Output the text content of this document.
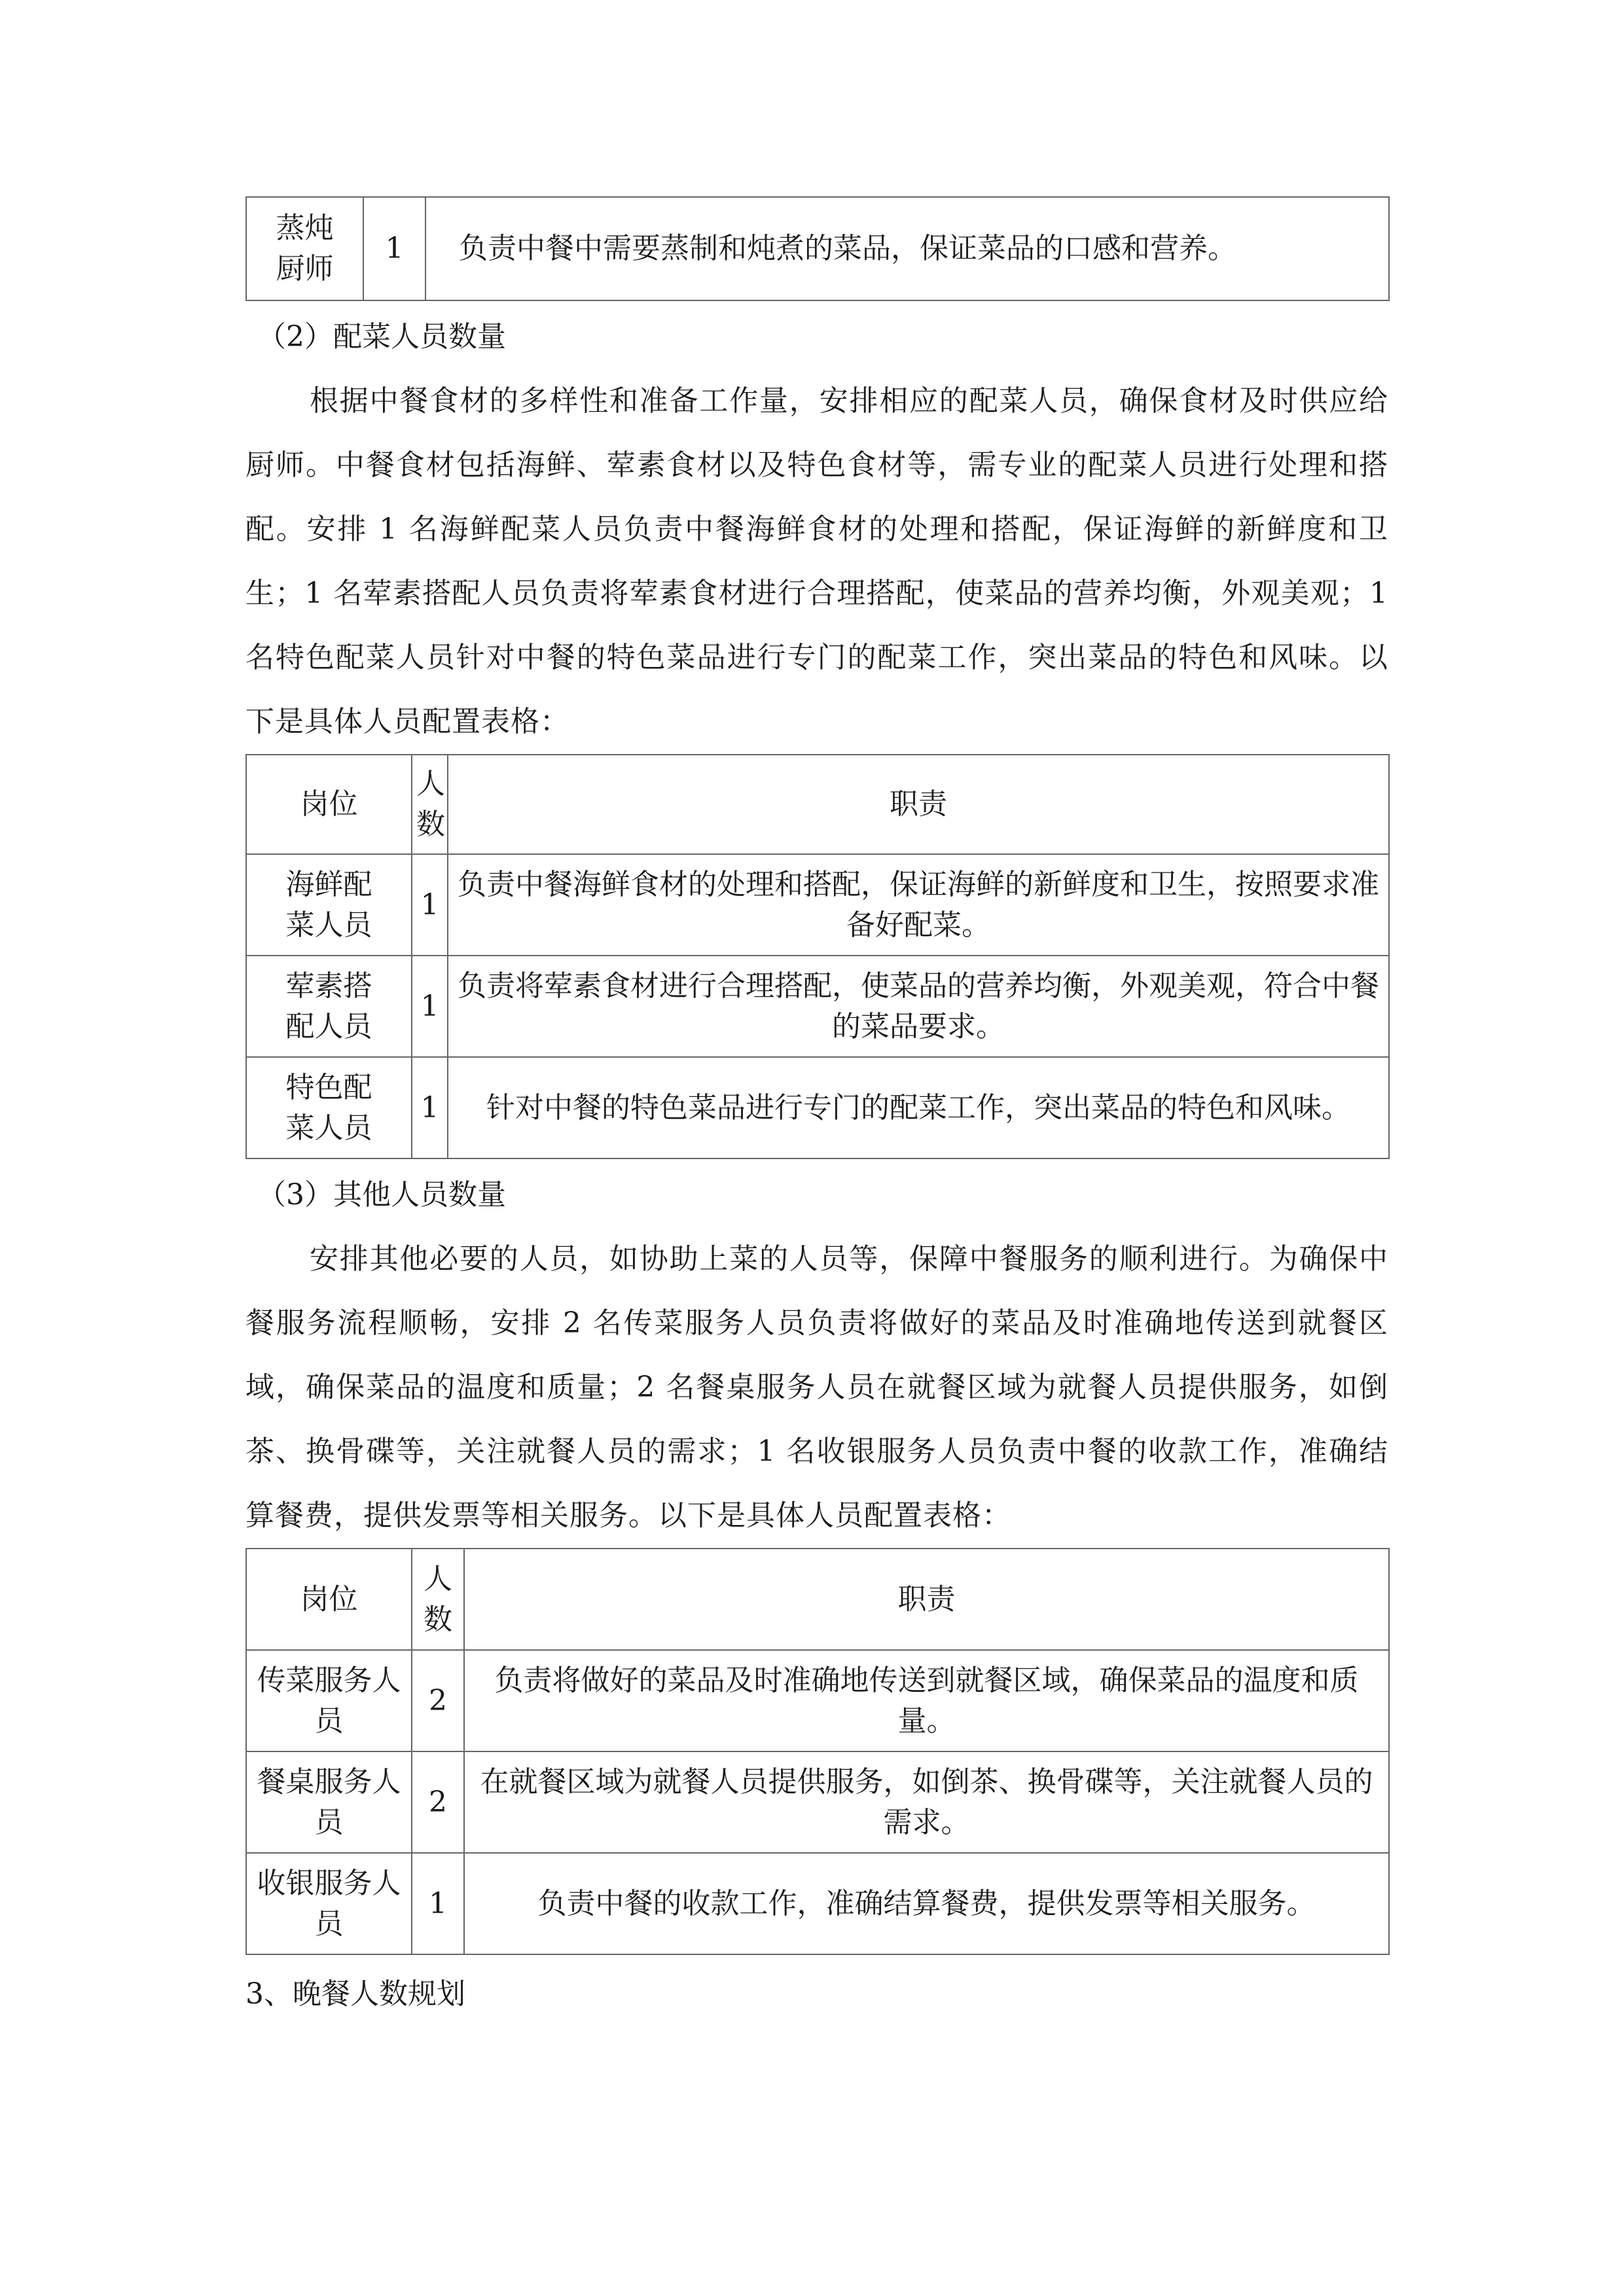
蒸炖厨师	1	负责中餐中需要蒸制和炖煮的菜品，保证菜品的口感和营养。

（2）配菜人员数量

根据中餐食材的多样性和准备工作量，安排相应的配菜人员，确保食材及时供应给厨师。中餐食材包括海鲜、荤素食材以及特色食材等，需专业的配菜人员进行处理和搭配。安排 1 名海鲜配菜人员负责中餐海鲜食材的处理和搭配，保证海鲜的新鲜度和卫生；1 名荤素搭配人员负责将荤素食材进行合理搭配，使菜品的营养均衡，外观美观；1 名特色配菜人员针对中餐的特色菜品进行专门的配菜工作，突出菜品的特色和风味。以下是具体人员配置表格：

岗位	人数	职责
海鲜配菜人员	1	负责中餐海鲜食材的处理和搭配，保证海鲜的新鲜度和卫生，按照要求准备好配菜。
荤素搭配人员	1	负责将荤素食材进行合理搭配，使菜品的营养均衡，外观美观，符合中餐的菜品要求。
特色配菜人员	1	针对中餐的特色菜品进行专门的配菜工作，突出菜品的特色和风味。

（3）其他人员数量

安排其他必要的人员，如协助上菜的人员等，保障中餐服务的顺利进行。为确保中餐服务流程顺畅，安排 2 名传菜服务人员负责将做好的菜品及时准确地传送到就餐区域，确保菜品的温度和质量；2 名餐桌服务人员在就餐区域为就餐人员提供服务，如倒茶、换骨碟等，关注就餐人员的需求；1 名收银服务人员负责中餐的收款工作，准确结算餐费，提供发票等相关服务。以下是具体人员配置表格：

岗位	人数	职责
传菜服务人员	2	负责将做好的菜品及时准确地传送到就餐区域，确保菜品的温度和质量。
餐桌服务人员	2	在就餐区域为就餐人员提供服务，如倒茶、换骨碟等，关注就餐人员的需求。
收银服务人员	1	负责中餐的收款工作，准确结算餐费，提供发票等相关服务。

3、晚餐人数规划
